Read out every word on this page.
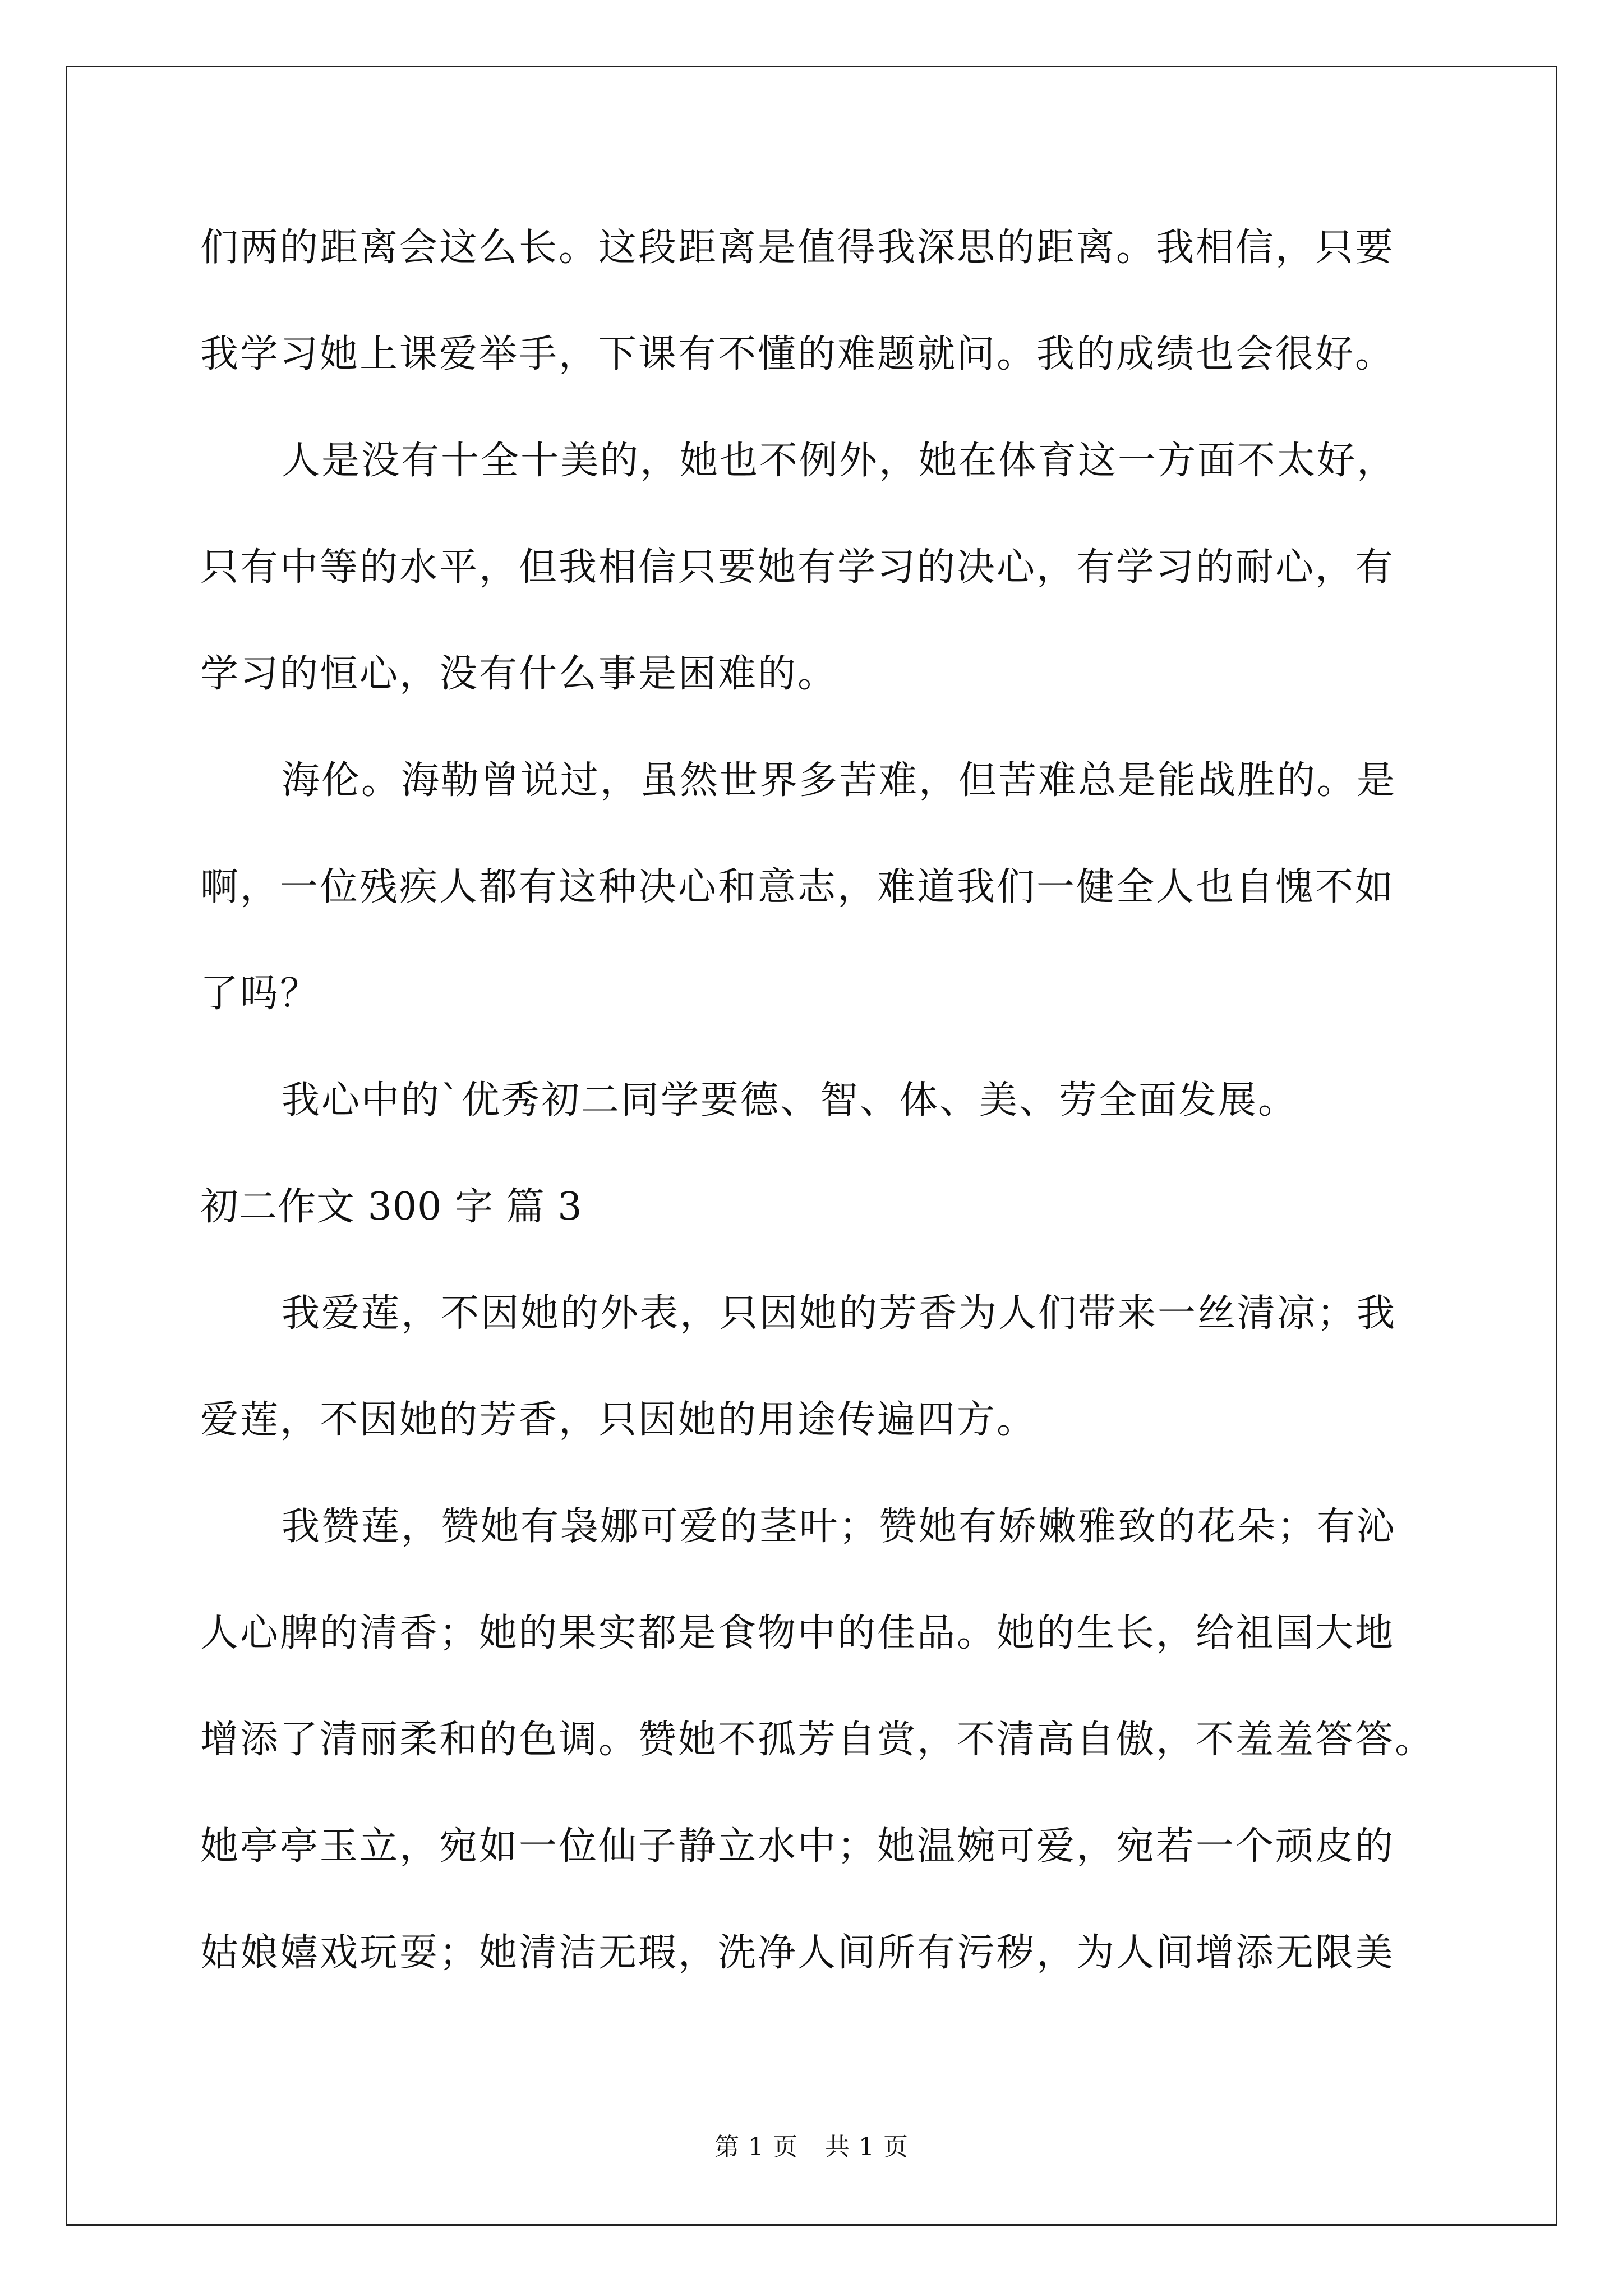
们两的距离会这么长。这段距离是值得我深思的距离。我相信，只要
我学习她上课爱举手，下课有不懂的难题就问。我的成绩也会很好。
人是没有十全十美的，她也不例外，她在体育这一方面不太好，
只有中等的水平，但我相信只要她有学习的决心，有学习的耐心，有
学习的恒心，没有什么事是困难的。
海伦。海勒曾说过，虽然世界多苦难，但苦难总是能战胜的。是
啊，一位残疾人都有这种决心和意志，难道我们一健全人也自愧不如
了吗？
我心中的`优秀初二同学要德、智、体、美、劳全面发展。
初二作文 300 字 篇 3
我爱莲，不因她的外表，只因她的芳香为人们带来一丝清凉；我
爱莲，不因她的芳香，只因她的用途传遍四方。
我赞莲，赞她有袅娜可爱的茎叶；赞她有娇嫩雅致的花朵；有沁
人心脾的清香；她的果实都是食物中的佳品。她的生长，给祖国大地
增添了清丽柔和的色调。赞她不孤芳自赏，不清高自傲，不羞羞答答。
她亭亭玉立，宛如一位仙子静立水中；她温婉可爱，宛若一个顽皮的
姑娘嬉戏玩耍；她清洁无瑕，洗净人间所有污秽，为人间增添无限美
第 1 页 共 1 页
